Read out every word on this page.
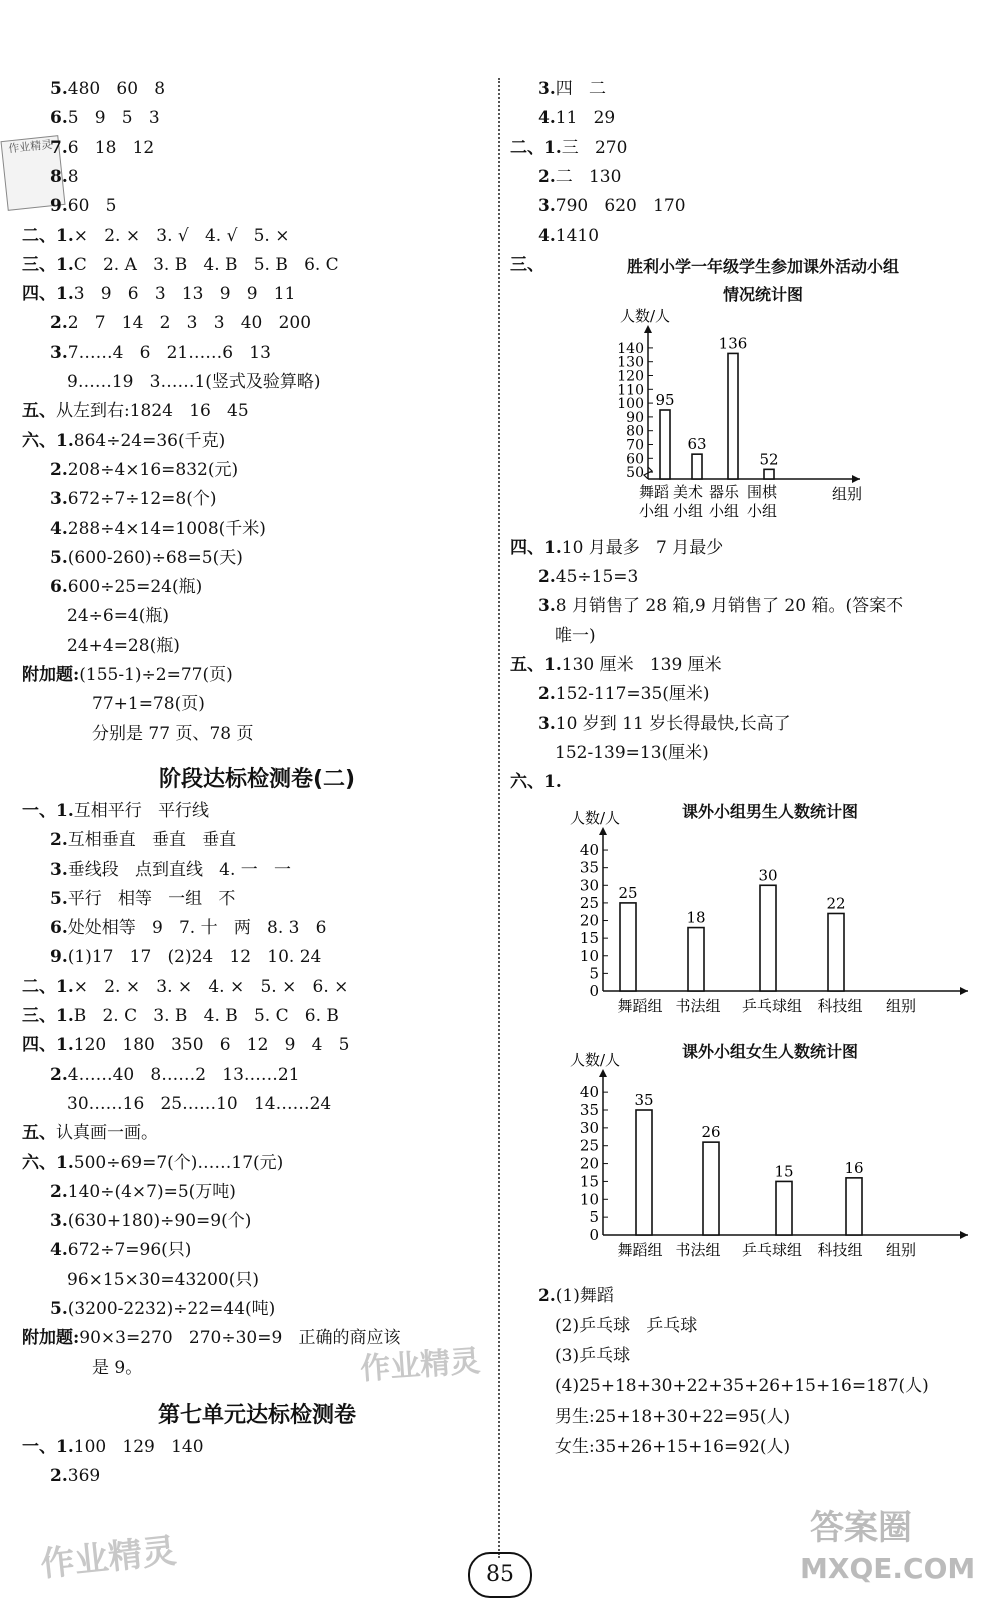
作业精灵
5.480   60   8
6.5   9   5   3
7.6   18   12
8.8
9.60   5
二、1.×   2. ×   3. √   4. √   5. ×
三、1.C   2. A   3. B   4. B   5. B   6. C
四、1.3   9   6   3   13   9   9   11
2.2   7   14   2   3   3   40   200
3.7……4   6   21……6   13
9……19   3……1(竖式及验算略)
五、从左到右:1824   16   45
六、1.864÷24=36(千克)
2.208÷4×16=832(元)
3.672÷7÷12=8(个)
4.288÷4×14=1008(千米)
5.(600-260)÷68=5(天)
6.600÷25=24(瓶)
24÷6=4(瓶)
24+4=28(瓶)
附加题:(155-1)÷2=77(页)
77+1=78(页)
分别是 77 页、78 页
阶段达标检测卷(二)
一、1.互相平行   平行线
2.互相垂直   垂直   垂直
3.垂线段   点到直线   4. 一   一
5.平行   相等   一组   不
6.处处相等   9   7. 十   两   8. 3   6
9.(1)17   17   (2)24   12   10. 24
二、1.×   2. ×   3. ×   4. ×   5. ×   6. ×
三、1.B   2. C   3. B   4. B   5. C   6. B
四、1.120   180   350   6   12   9   4   5
2.4……40   8……2   13……21
30……16   25……10   14……24
五、认真画一画。
六、1.500÷69=7(个)……17(元)
2.140÷(4×7)=5(万吨)
3.(630+180)÷90=9(个)
4.672÷7=96(只)
96×15×30=43200(只)
5.(3200-2232)÷22=44(吨)
附加题:90×3=270   270÷30=9   正确的商应该
是 9。
第七单元达标检测卷
一、1.100   129   140
2.369
3.四   二
4.11   29
二、1.三   270
2.二   130
3.790   620   170
4.1410
三、	胜利小学一年级学生参加课外活动小组
情况统计图
50
60
70
80
90
100
110
120
130
140
人数/人
95
舞蹈
小组
63
美术
小组
136
器乐
小组
52
围棋
小组
组别
四、1.10 月最多   7 月最少
2.45÷15=3
3.8 月销售了 28 箱,9 月销售了 20 箱。(答案不
唯一)
五、1.130 厘米   139 厘米
2.152-117=35(厘米)
3.10 岁到 11 岁长得最快,长高了
152-139=13(厘米)
六、1.
课外小组男生人数统计图
0
5
10
15
20
25
30
35
40
人数/人
25
舞蹈组
18
书法组
30
乒乓球组
22
科技组 组别
课外小组女生人数统计图
0
5
10
15
20
25
30
35
40
人数/人
35
舞蹈组
26
书法组
15
乒乓球组
16
科技组 组别
2.(1)舞蹈
(2)乒乓球   乒乓球
(3)乒乓球
(4)25+18+30+22+35+26+15+16=187(人)
男生:25+18+30+22=95(人)
女生:35+26+15+16=92(人)
作业精灵
作业精灵
答案圈
MXQE.COM
85
